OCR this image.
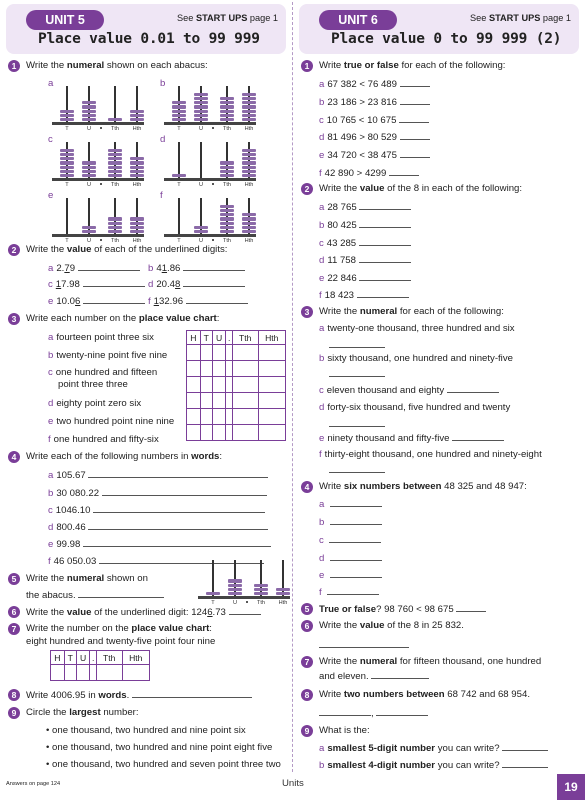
UNIT 5	See START UPS page 1
Place value 0.01 to 99 999
1	Write the numeral shown on each abacus:
a	b
c	d
e	f
T	U	Tth	Hth	T	U	Tth	Hth
T	U	Tth	Hth	T	U	Tth	Hth
T	U	Tth	Hth	T	U	Tth	Hth
2	Write the value of each of the underlined digits:
a 2.79	b 41.86
c 17.98	d 20.48
e 10.06	f 132.96
3	Write each number on the place value chart:
a fourteen point three six
b twenty-nine point five nine
c one hundred and fifteen
point three three
d eighty point zero six
e two hundred point nine nine
f one hundred and fifty-six
H	T	U	.	Tth	Hth

4	Write each of the following numbers in words:
a 105.67
b 30 080.22
c 1046.10
d 800.46
e 99.98
f 46 050.03
5	Write the numeral shown on
the abacus.
T	U	Tth	Hth
6	Write the value of the underlined digit: 1246.73
7	Write the number on the place value chart:
eight hundred and twenty-five point four nine
H	T	U	.	Tth	Hth

8	Write 4006.95 in words.
9	Circle the largest number:
• one thousand, two hundred and nine point six
• one thousand, two hundred and nine point eight five
• one thousand, two hundred and seven point three two
UNIT 6	See START UPS page 1
Place value 0 to 99 999 (2)
1	Write true or false for each of the following:
a 67 382 < 76 489
b 23 186 > 23 816
c 10 765 < 10 675
d 81 496 > 80 529
e 34 720 < 38 475
f 42 890 > 4299
2	Write the value of the 8 in each of the following:
a 28 765
b 80 425
c 43 285
d 11 758
e 22 846
f 18 423
3	Write the numeral for each of the following:
a twenty-one thousand, three hundred and six
b sixty thousand, one hundred and ninety-five
c eleven thousand and eighty
d forty-six thousand, five hundred and twenty
e ninety thousand and fifty-five
f thirty-eight thousand, one hundred and ninety-eight
4	Write six numbers between 48 325 and 48 947:
a
b
c
d
e
f
5	True or false? 98 760 < 98 675
6	Write the value of the 8 in 25 832.
7	Write the numeral for fifteen thousand, one hundred
and eleven.
8	Write two numbers between 68 742 and 68 954.
,
9	What is the:
a smallest 5-digit number you can write?
b smallest 4-digit number you can write?
Answers on page 124	Units	19
